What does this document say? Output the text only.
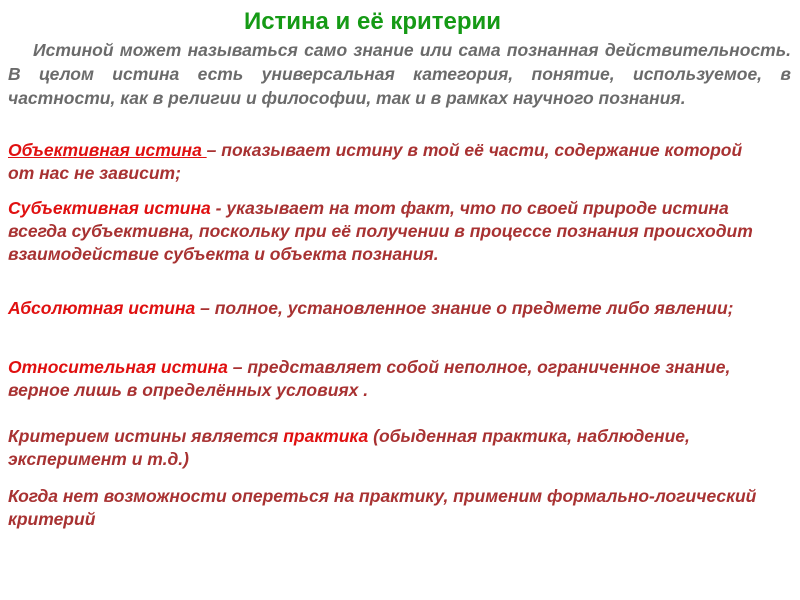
Истина и её критерии
Истиной может называться само знание или сама познанная действительность. В целом истина есть универсальная категория, понятие, используемое, в частности, как в религии и философии, так и в рамках научного познания.
Объективная истина – показывает истину в той её части, содержание которой от нас не зависит;
Субъективная истина - указывает на тот факт, что по своей природе истина всегда субъективна, поскольку при её получении в процессе познания происходит взаимодействие субъекта и объекта познания.
Абсолютная истина – полное, установленное знание о предмете либо явлении;
Относительная истина – представляет собой неполное, ограниченное знание, верное лишь в определённых условиях .
Критерием истины является практика (обыденная практика, наблюдение, эксперимент и т.д.)
Когда нет возможности опереться на практику, применим формально-логический критерий
